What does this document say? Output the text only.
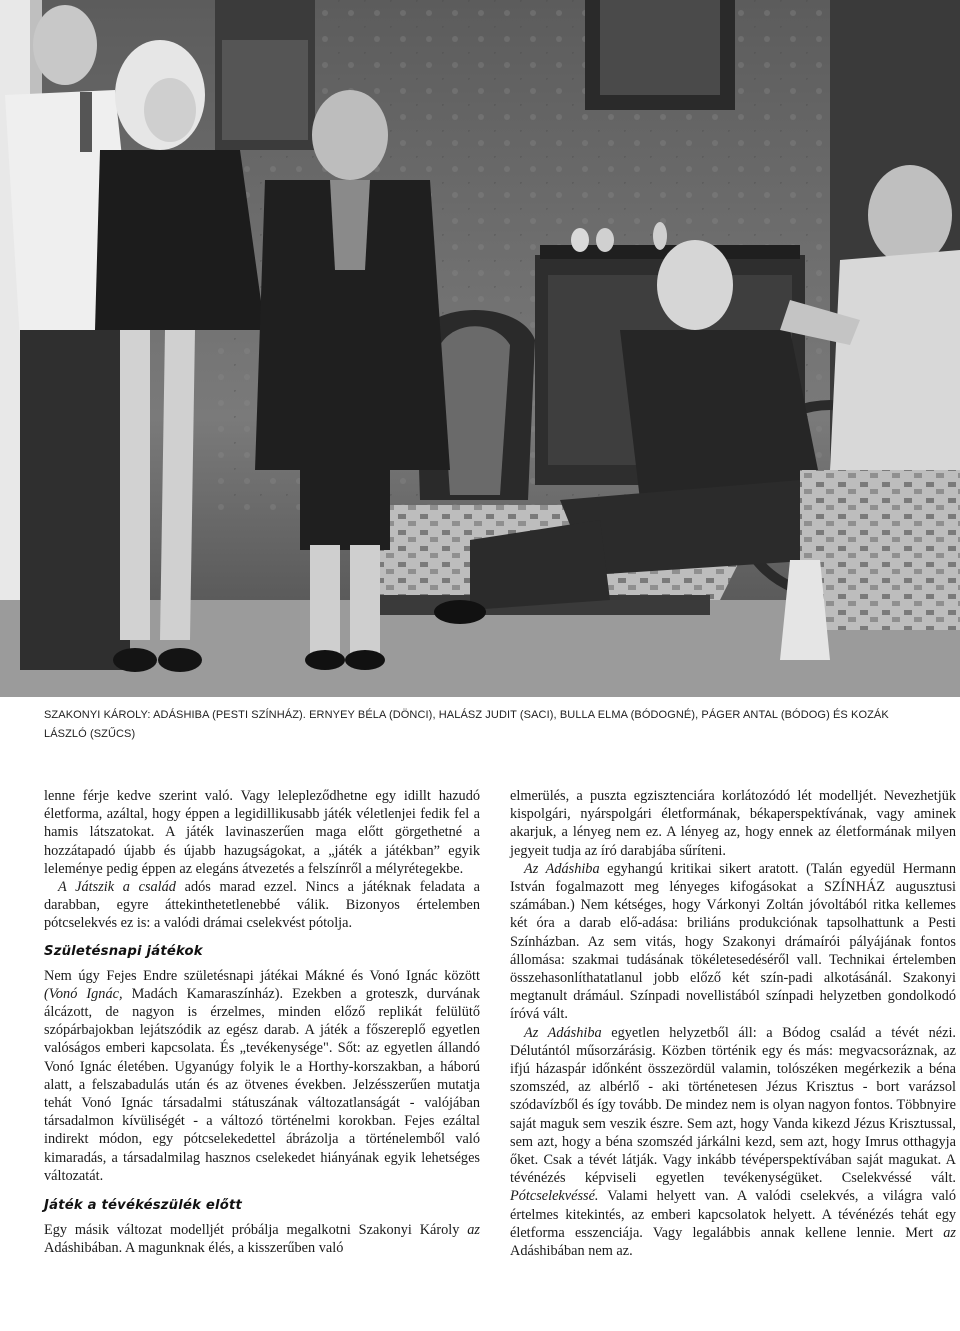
SZAKONYI KÁROLY: ADÁSHIBA (PESTI SZÍNHÁZ). ERNYEY BÉLA (DÖNCI), HALÁSZ JUDIT (SACI), BULLA ELMA (BÓDOGNÉ), PÁGER ANTAL (BÓDOG) ÉS KOZÁK LÁSZLÓ (SZŰCS)

lenne férje kedve szerint való. Vagy lelepleződhetne egy idillt hazudó életforma, azáltal, hogy éppen a legidillikusabb játék véletlenjei fedik fel a hamis látszatokat. A játék lavinaszerűen maga előtt görgethetné a hozzátapadó újabb és újabb hazugságokat, a „játék a játékban” egyik leleménye pedig éppen az elegáns átvezetés a felszínről a mélyrétegekbe.

A Játszik a család adós marad ezzel. Nincs a játéknak feladata a darabban, egyre áttekinthetetlenebbé válik. Bizonyos értelemben pótcselekvés ez is: a valódi drámai cselekvést pótolja.

Születésnapi játékok

Nem úgy Fejes Endre születésnapi játékai Mákné és Vonó Ignác között (Vonó Ignác, Madách Kamaraszínház). Ezekben a groteszk, durvának álcázott, de nagyon is érzelmes, minden előző replikát felülütő szópárbajokban lejátszódik az egész darab. A játék a főszereplő egyetlen valóságos emberi kapcsolata. És „tevékenysége". Sőt: az egyetlen állandó Vonó Ignác életében. Ugyanúgy folyik le a Horthy-korszakban, a háború alatt, a felszabadulás után és az ötvenes években. Jelzésszerűen mutatja tehát Vonó Ignác társadalmi státuszának változatlanságát - valójában társadalmon kívüliségét - a változó történelmi korokban. Fejes ezáltal indirekt módon, egy pótcselekedettel ábrázolja a történelemből való kimaradás, a társadalmilag hasznos cselekedet hiányának egyik lehetséges változatát.

Játék a tévékészülék előtt

Egy másik változat modelljét próbálja megalkotni Szakonyi Károly az Adáshibában. A magunknak élés, a kisszerűben való

elmerülés, a puszta egzisztenciára korlátozódó lét modelljét. Nevezhetjük kispolgári, nyárspolgári életformának, békaperspektívának, vagy aminek akarjuk, a lényeg nem ez. A lényeg az, hogy ennek az életformának milyen jegyeit tudja az író darabjába sűríteni.

Az Adáshiba egyhangú kritikai sikert aratott. (Talán egyedül Hermann István fogalmazott meg lényeges kifogásokat a SZÍNHÁZ augusztusi számában.) Nem kétséges, hogy Várkonyi Zoltán jóvoltából ritka kellemes két óra a darab elő-adása: briliáns produkciónak tapsolhattunk a Pesti Színházban. Az sem vitás, hogy Szakonyi drámaírói pályájának fontos állomása: szakmai tudásának tökéletesedéséről vall. Technikai értelemben összehasonlíthatatlanul jobb előző két szín-padi alkotásánál. Szakonyi megtanult drámául. Színpadi novellistából színpadi helyzetben gondolkodó íróvá vált.

Az Adáshiba egyetlen helyzetből áll: a Bódog család a tévét nézi. Délutántól műsorzárásig. Közben történik egy és más: megvacsoráznak, az ifjú házaspár időnként összezördül valamin, tolószéken megérkezik a béna szomszéd, az albérlő - aki történetesen Jézus Krisztus - bort varázsol szódavízből és így tovább. De mindez nem is olyan nagyon fontos. Többnyire saját maguk sem veszik észre. Sem azt, hogy Vanda kikezd Jézus Krisztussal, sem azt, hogy a béna szomszéd járkálni kezd, sem azt, hogy Imrus otthagyja őket. Csak a tévét látják. Vagy inkább tévéperspektívában saját magukat. A tévénézés képviseli egyetlen tevékenységüket. Cselekvéssé vált. Pótcselekvéssé. Valami helyett van. A valódi cselekvés, a világra való értelmes kitekintés, az emberi kapcsolatok helyett. A tévénézés tehát egy életforma esszenciája. Vagy legalábbis annak kellene lennie. Mert az Adáshibában nem az.
